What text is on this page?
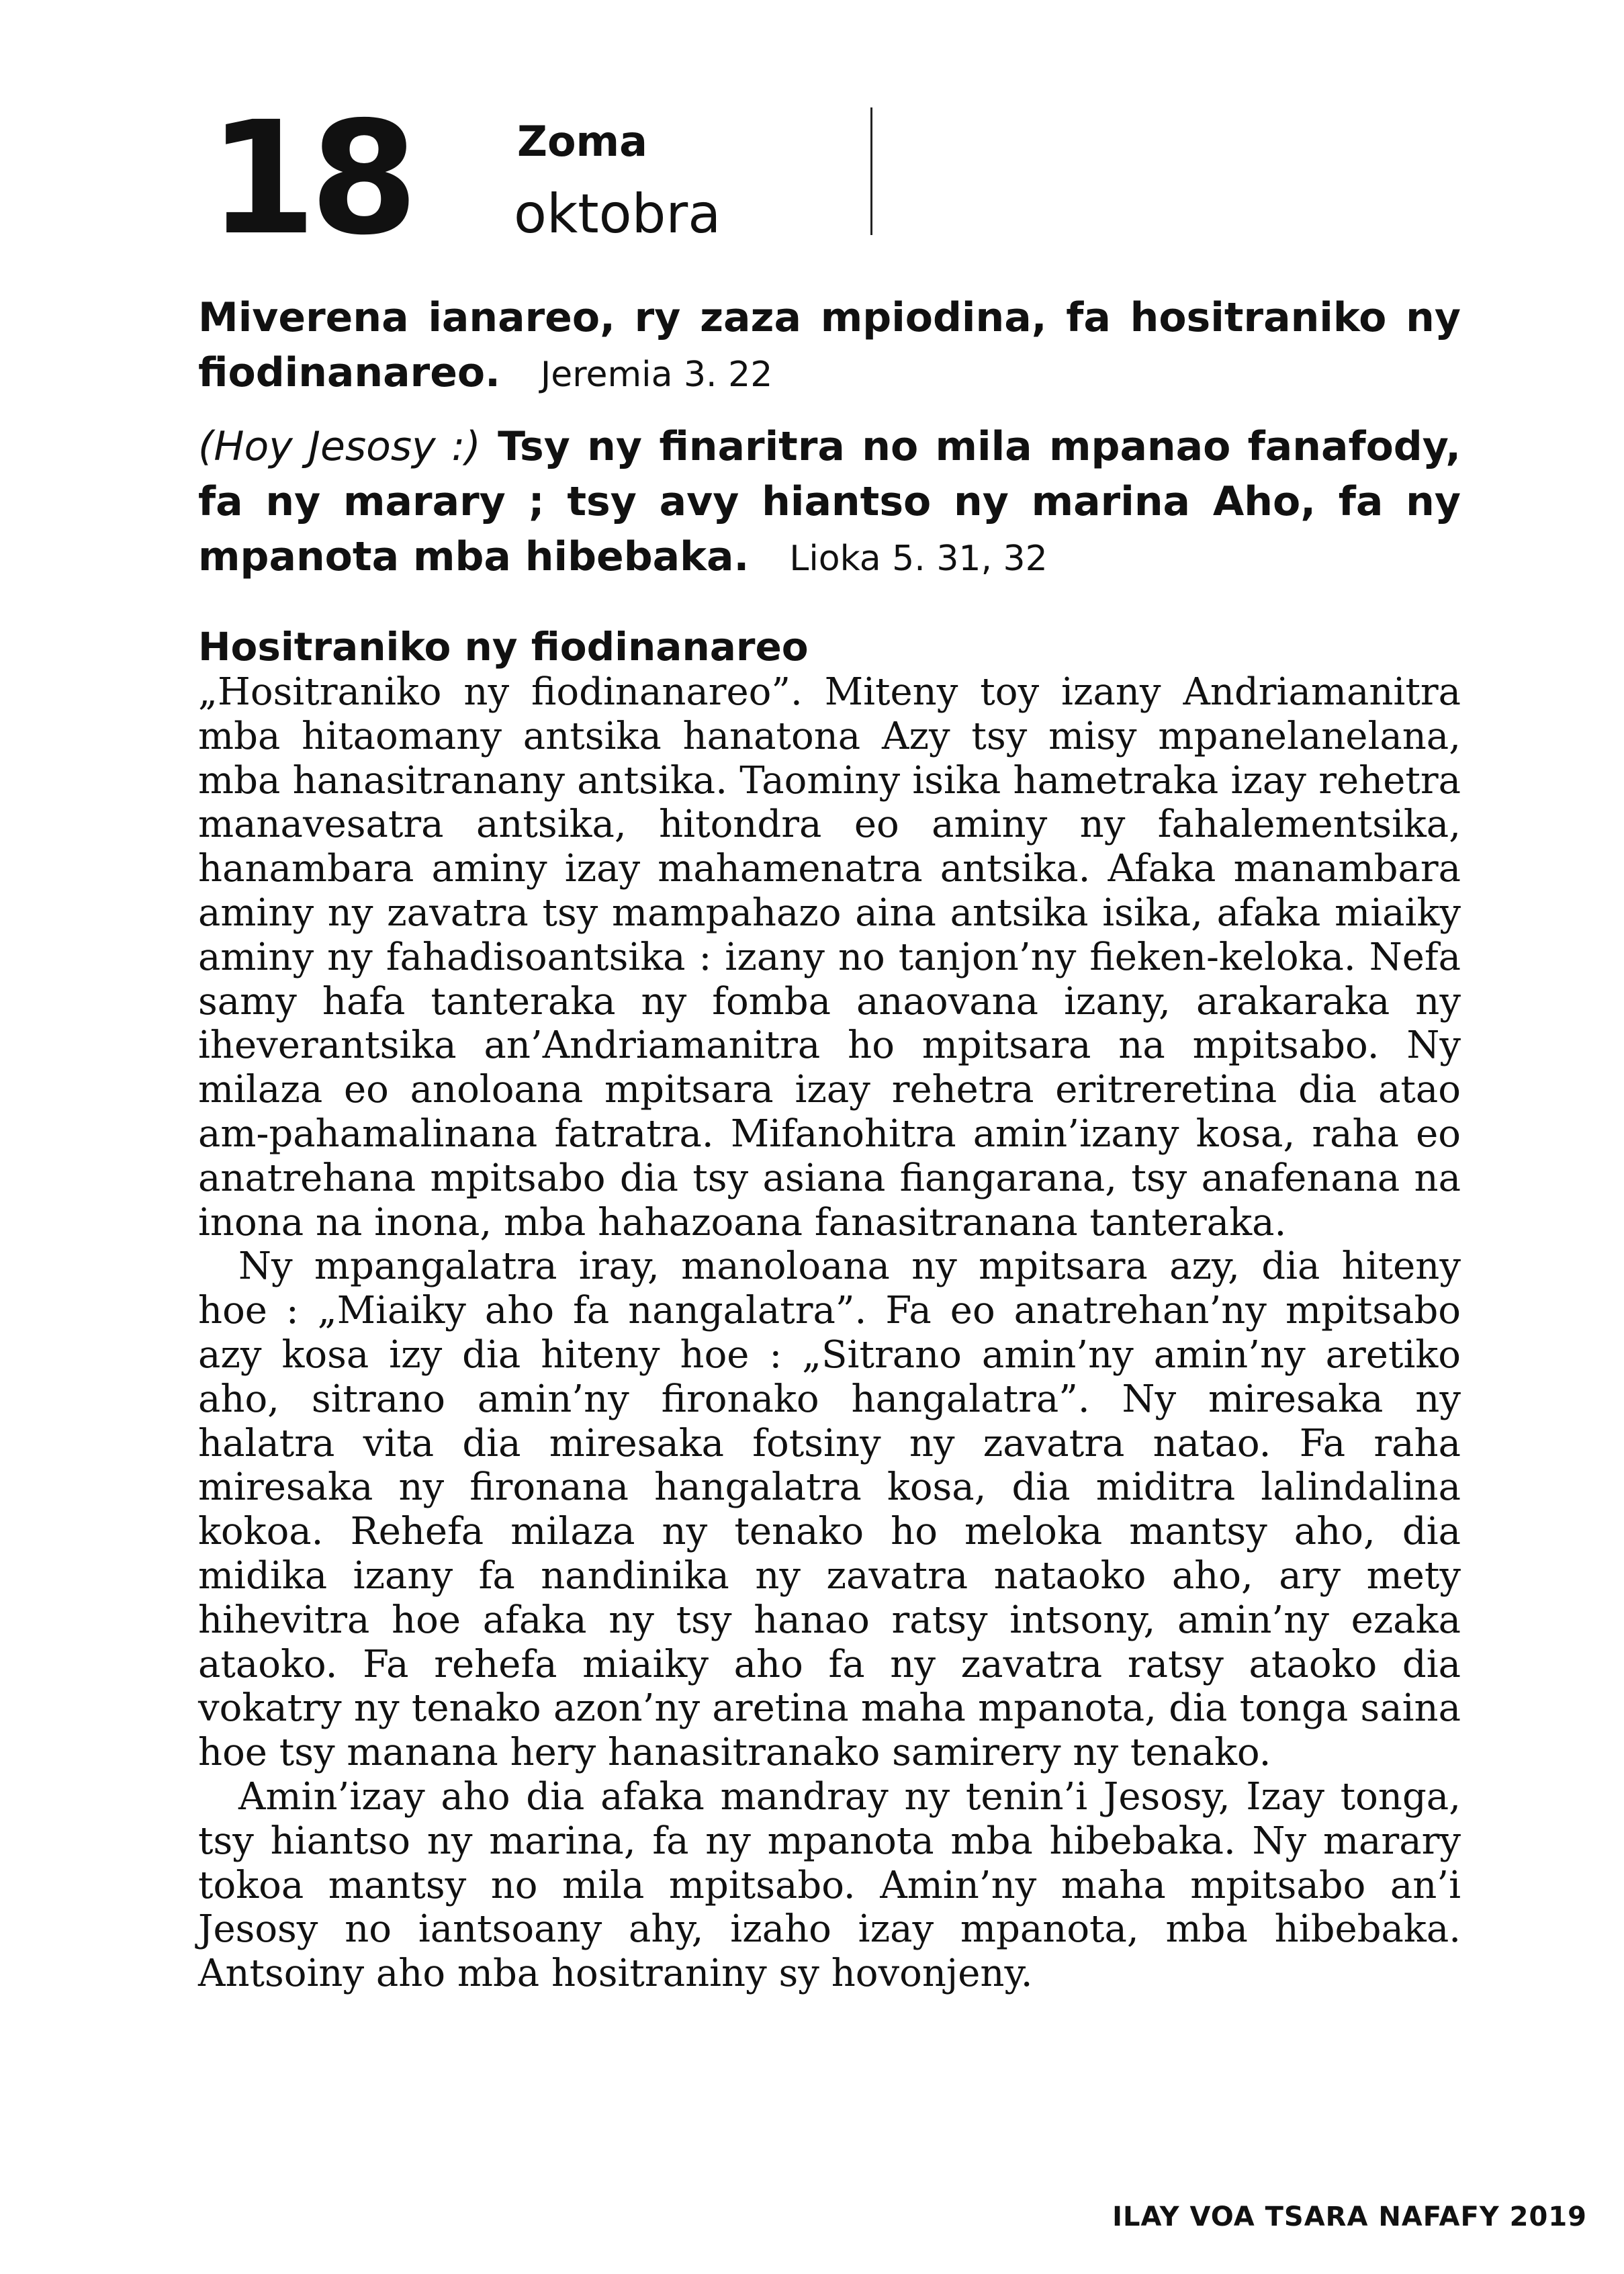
18	Zoma
oktobra
Miverena ianareo, ry zaza mpiodina, fa hositraniko ny fiodinanareo. Jeremia 3. 22
(Hoy Jesosy :) Tsy ny finaritra no mila mpanao fanafody, fa ny marary ; tsy avy hiantso ny marina Aho, fa ny mpanota mba hibebaka. Lioka 5. 31, 32
Hositraniko ny fiodinanareo

„Hositraniko ny fiodinanareo”. Miteny toy izany Andriamanitra mba hitaomany antsika hanatona Azy tsy misy mpanelanelana, mba hanasitranany antsika. Taominy isika hametraka izay rehetra manavesatra antsika, hitondra eo aminy ny fahalementsika, hanambara aminy izay mahamenatra antsika. Afaka manambara aminy ny zavatra tsy mampahazo aina antsika isika, afaka miaiky aminy ny fahadisoantsika : izany no tanjon’ny fieken-keloka. Nefa samy hafa tanteraka ny fomba anaovana izany, arakaraka ny iheverantsika an’Andriamanitra ho mpitsara na mpitsabo. Ny milaza eo anoloana mpitsara izay rehetra eritreretina dia atao am-pahamalinana fatratra. Mifanohitra amin’izany kosa, raha eo anatrehana mpitsabo dia tsy asiana fiangarana, tsy anafenana na inona na inona, mba hahazoana fanasitranana tanteraka.

Ny mpangalatra iray, manoloana ny mpitsara azy, dia hiteny hoe : „Miaiky aho fa nangalatra”. Fa eo anatrehan’ny mpitsabo azy kosa izy dia hiteny hoe : „Sitrano amin’ny amin’ny aretiko aho, sitrano amin’ny fironako hangalatra”. Ny miresaka ny halatra vita dia miresaka fotsiny ny zavatra natao. Fa raha miresaka ny fironana hangalatra kosa, dia miditra lalindalina kokoa. Rehefa milaza ny tenako ho meloka mantsy aho, dia midika izany fa nandinika ny zavatra nataoko aho, ary mety hihevitra hoe afaka ny tsy hanao ratsy intsony, amin’ny ezaka ataoko. Fa rehefa miaiky aho fa ny zavatra ratsy ataoko dia vokatry ny tenako azon’ny aretina maha mpanota, dia tonga saina hoe tsy manana hery hanasitranako samirery ny tenako.

Amin’izay aho dia afaka mandray ny tenin’i Jesosy, Izay tonga, tsy hiantso ny marina, fa ny mpanota mba hibebaka. Ny marary tokoa mantsy no mila mpitsabo. Amin’ny maha mpitsabo an’i Jesosy no iantsoany ahy, izaho izay mpanota, mba hibebaka. Antsoiny aho mba hositraniny sy hovonjeny.

ILAY VOA TSARA NAFAFY 2019
